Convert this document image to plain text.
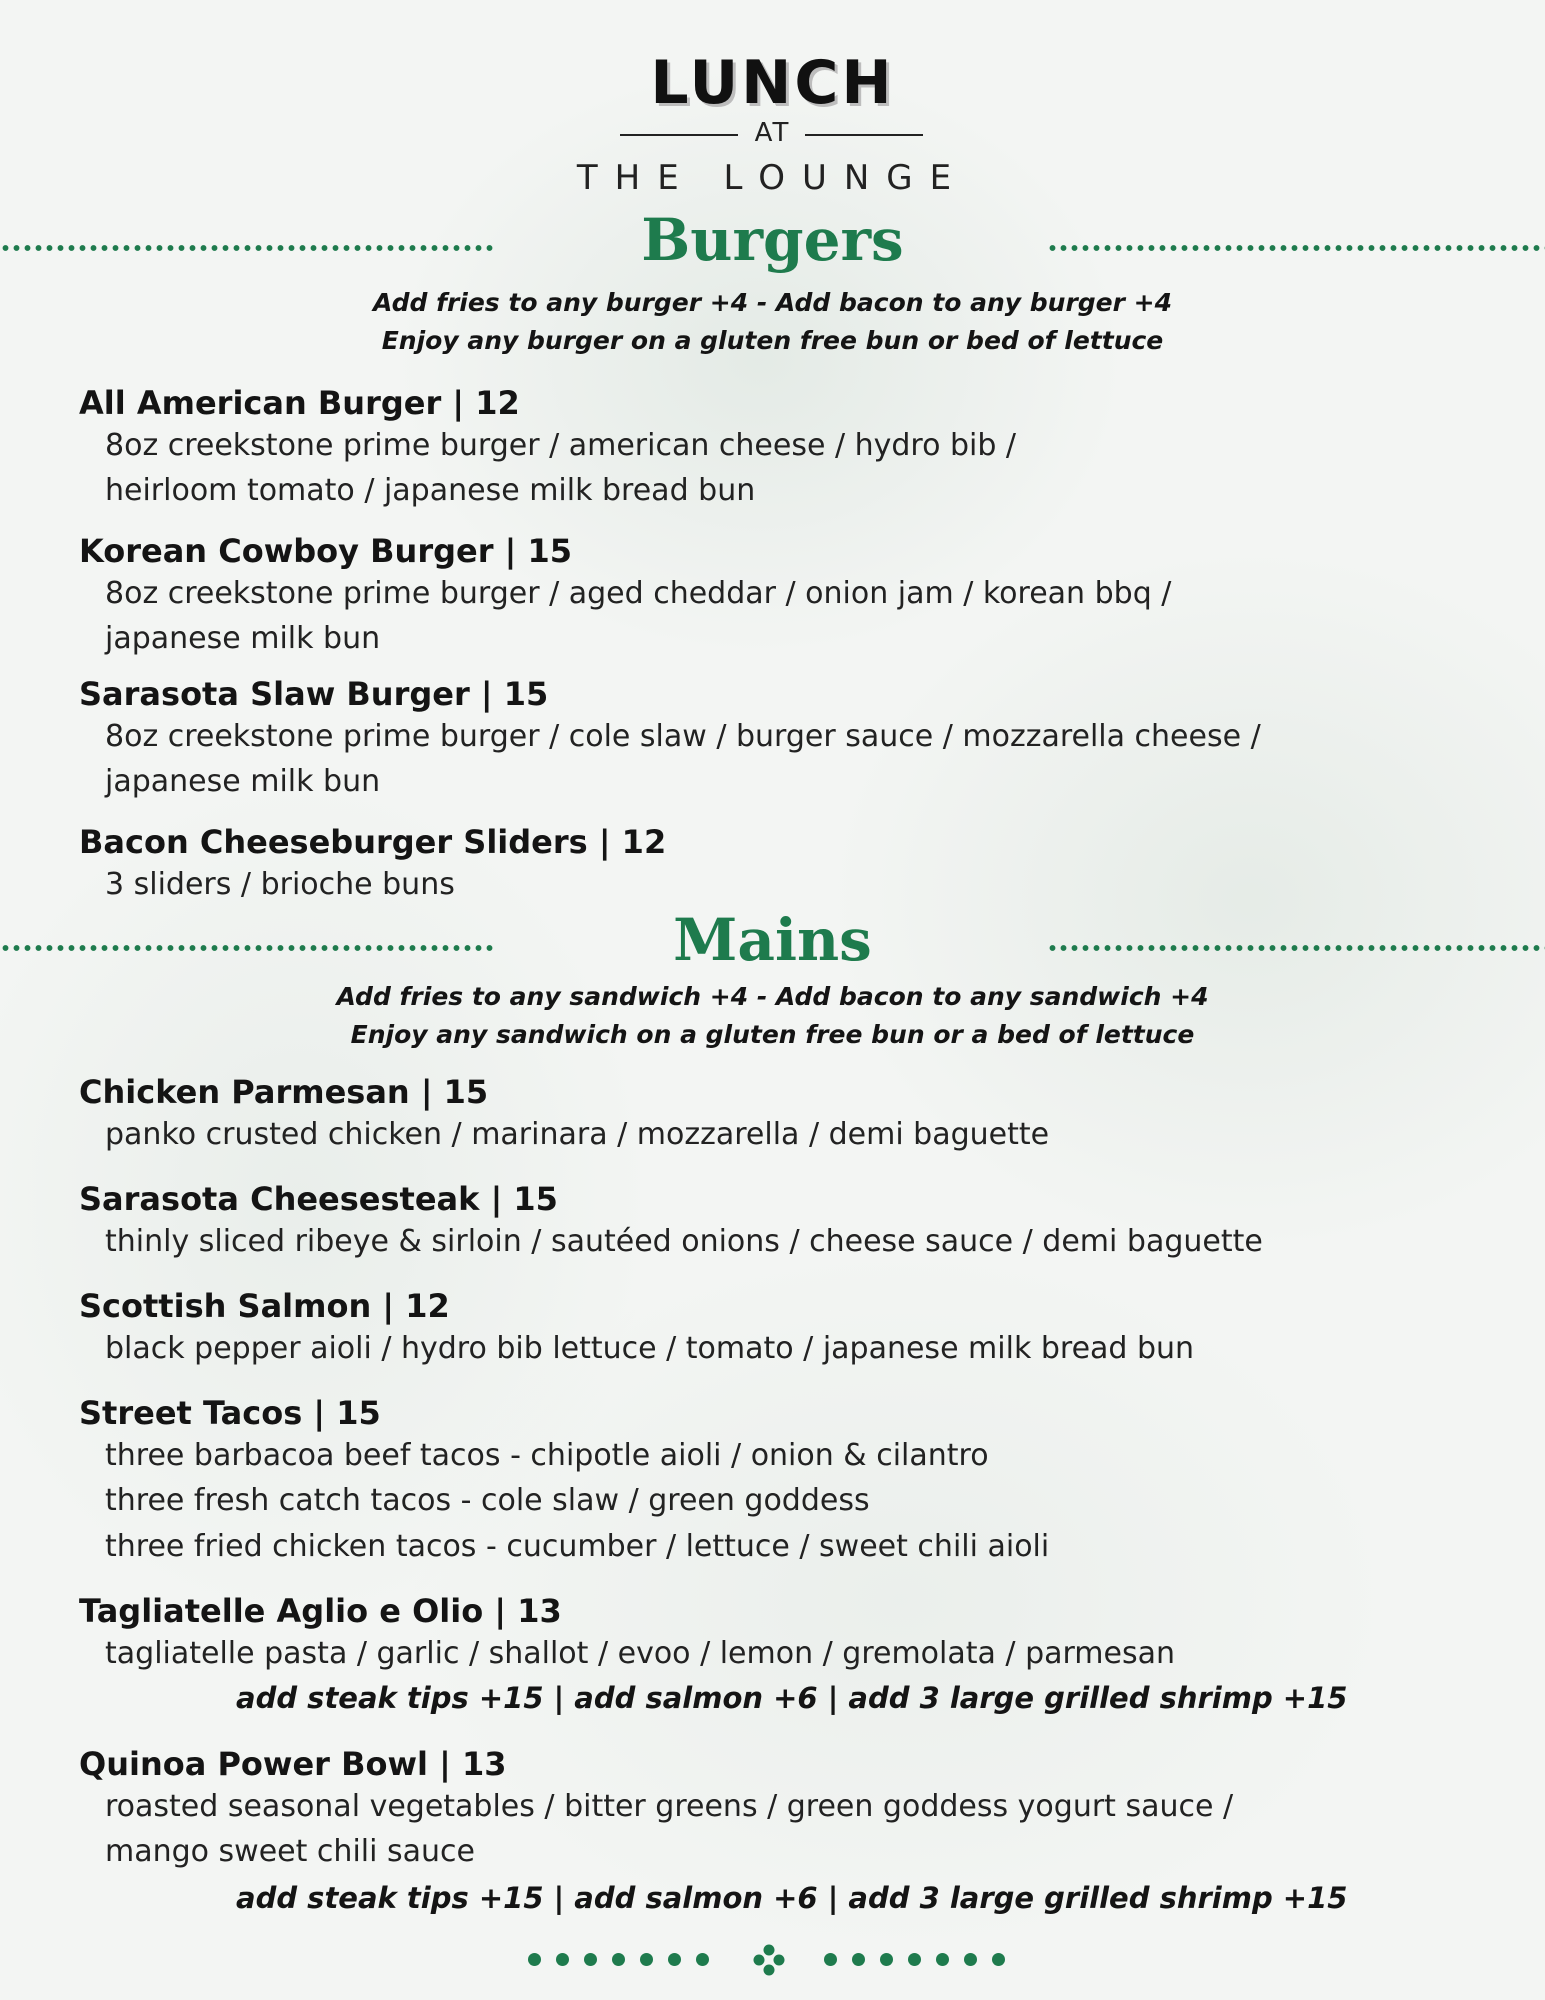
LUNCH
AT
THE LOUNGE
Burgers
Add fries to any burger +4 - Add bacon to any burger +4
Enjoy any burger on a gluten free bun or bed of lettuce
All American Burger | 12
8oz creekstone prime burger / american cheese / hydro bib /
heirloom tomato / japanese milk bread bun
Korean Cowboy Burger | 15
8oz creekstone prime burger / aged cheddar / onion jam / korean bbq /
japanese milk bun
Sarasota Slaw Burger | 15
8oz creekstone prime burger / cole slaw / burger sauce / mozzarella cheese /
japanese milk bun
Bacon Cheeseburger Sliders | 12
3 sliders / brioche buns
Mains
Add fries to any sandwich +4 - Add bacon to any sandwich +4
Enjoy any sandwich on a gluten free bun or a bed of lettuce
Chicken Parmesan | 15
panko crusted chicken / marinara / mozzarella / demi baguette
Sarasota Cheesesteak | 15
thinly sliced ribeye & sirloin / sautéed onions / cheese sauce / demi baguette
Scottish Salmon | 12
black pepper aioli / hydro bib lettuce / tomato / japanese milk bread bun
Street Tacos | 15
three barbacoa beef tacos - chipotle aioli / onion & cilantro
three fresh catch tacos - cole slaw / green goddess
three fried chicken tacos - cucumber / lettuce / sweet chili aioli
Tagliatelle Aglio e Olio | 13
tagliatelle pasta / garlic / shallot / evoo / lemon / gremolata / parmesan
add steak tips +15 | add salmon +6 | add 3 large grilled shrimp +15
Quinoa Power Bowl | 13
roasted seasonal vegetables / bitter greens / green goddess yogurt sauce /
mango sweet chili sauce
add steak tips +15 | add salmon +6 | add 3 large grilled shrimp +15
